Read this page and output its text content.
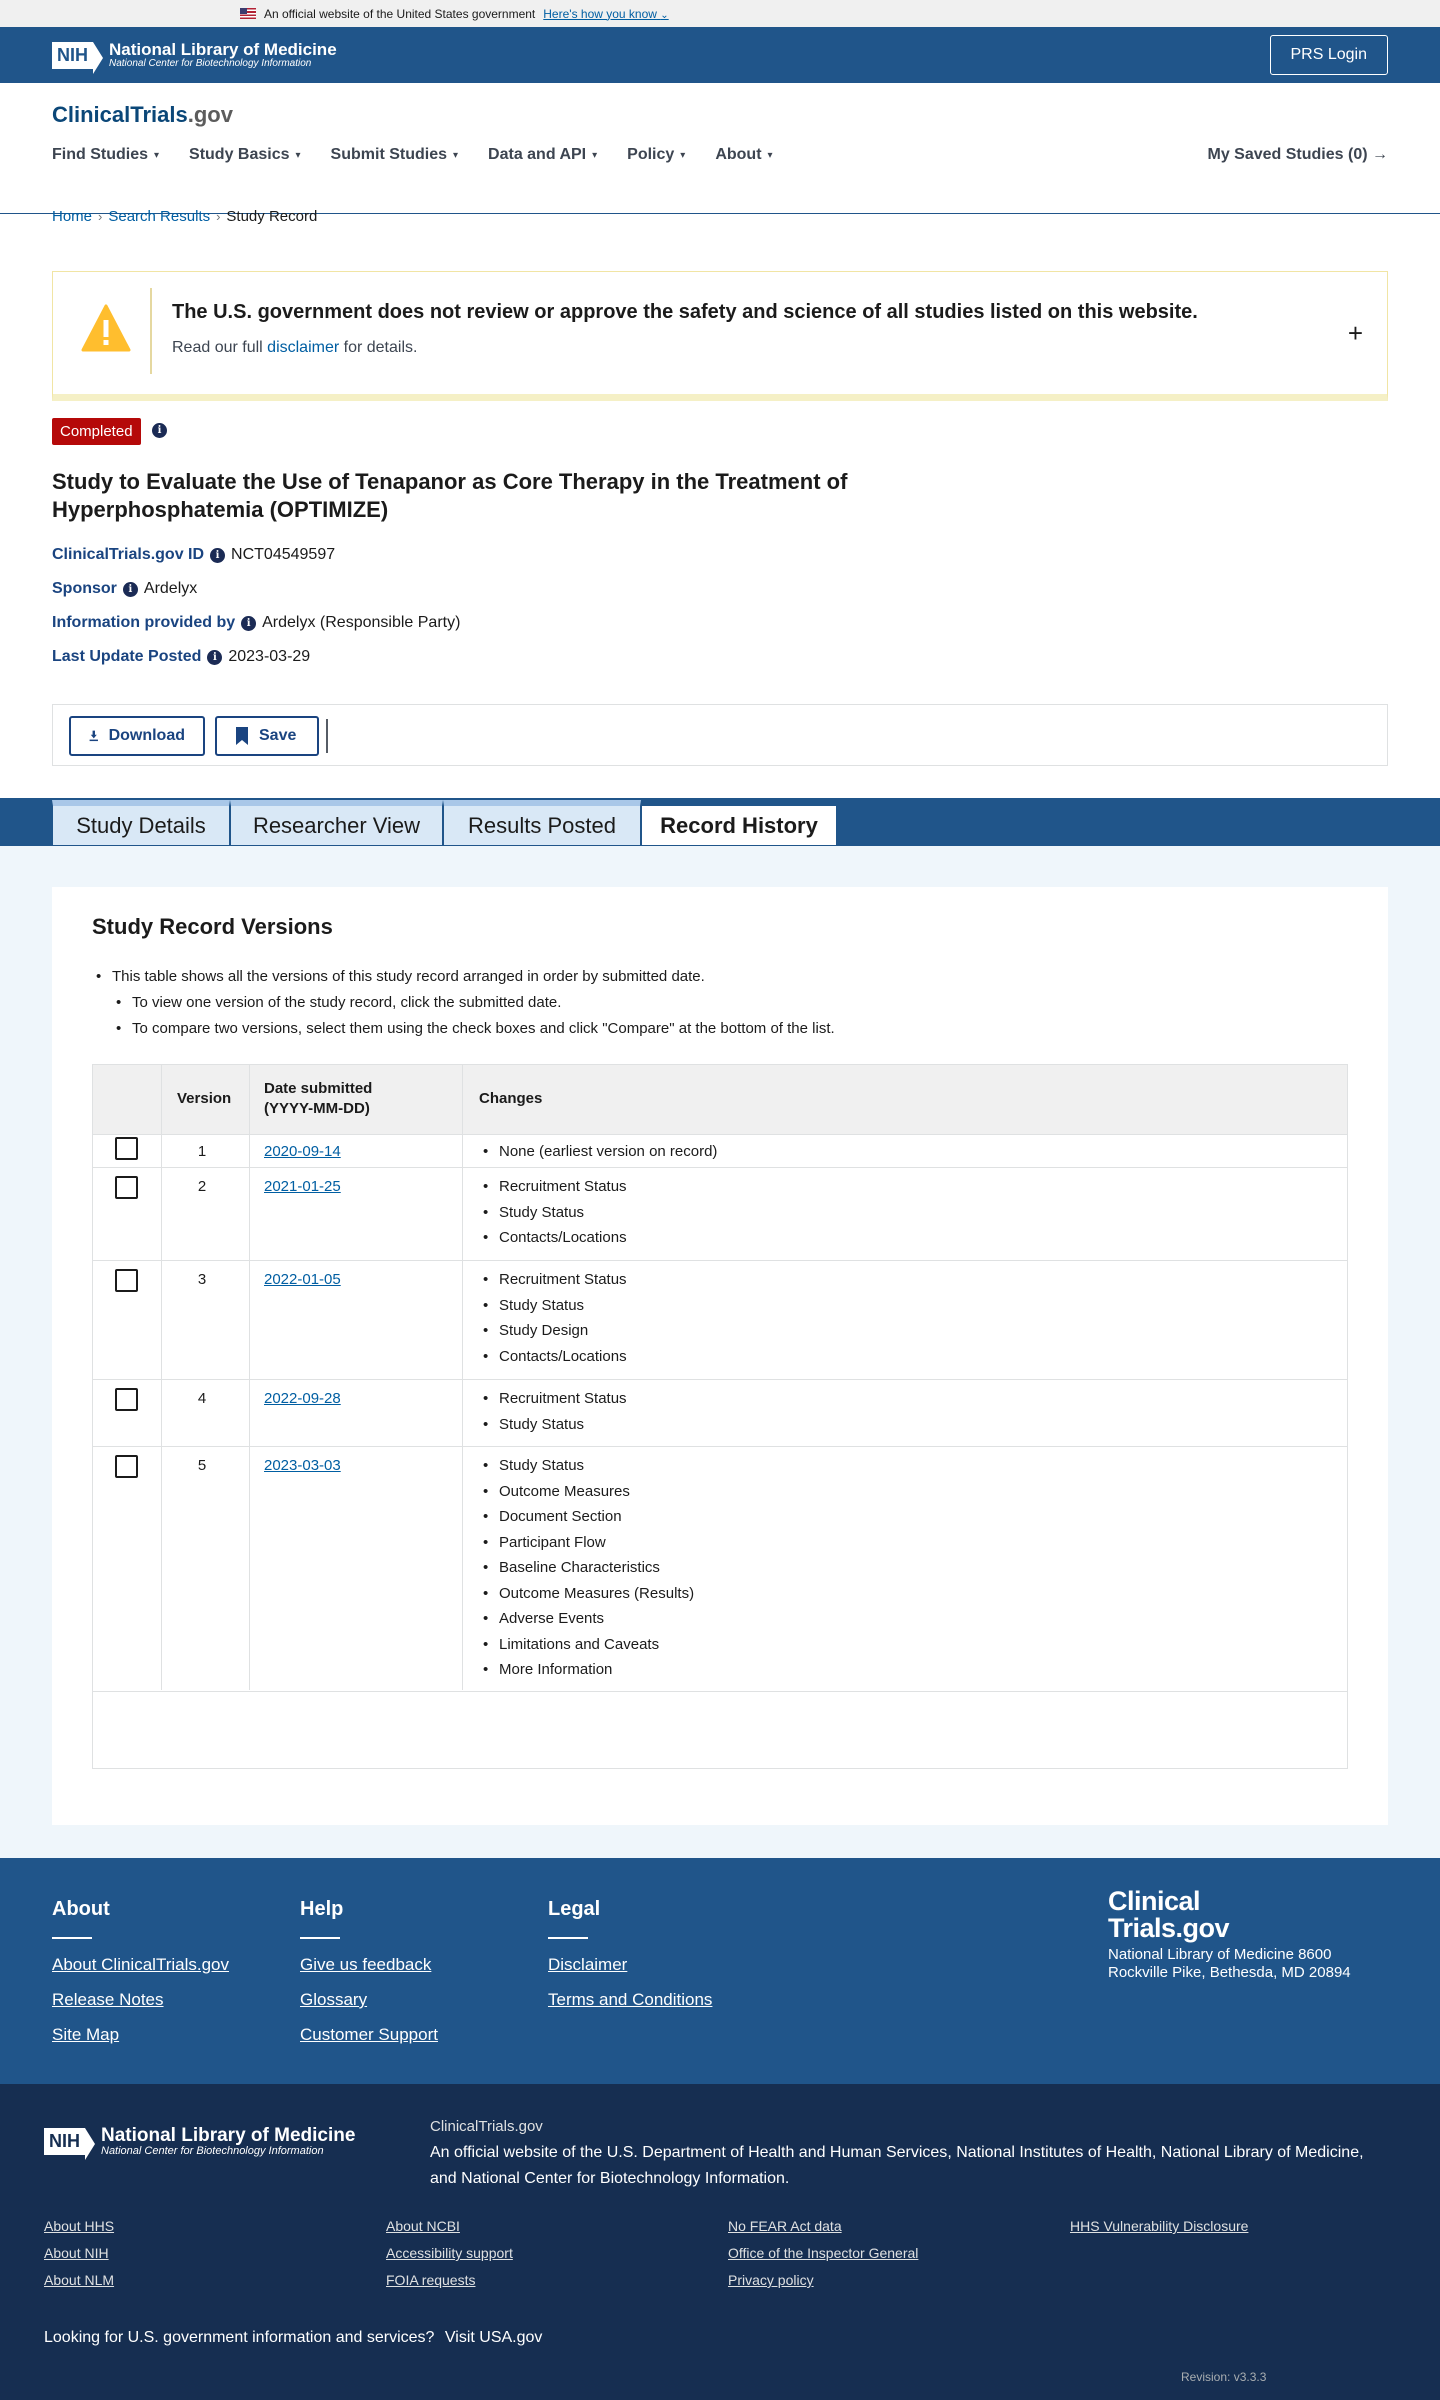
An official website of the United States government Here's how you know ⌄
NIH National Library of Medicine
National Center for Biotechnology Information
PRS Login
ClinicalTrials.gov
Find Studies ▾ Study Basics ▾ Submit Studies ▾ Data and API ▾ Policy ▾ About ▾	My Saved Studies (0) →
Home › Search Results › Study Record
The U.S. government does not review or approve the safety and science of all studies listed on this website.
Read our full disclaimer for details.	+
Completed	i
Study to Evaluate the Use of Tenapanor as Core Therapy in the Treatment of Hyperphosphatemia (OPTIMIZE)
ClinicalTrials.gov ID	i NCT04549597
Sponsor	i Ardelyx
Information provided by	i Ardelyx (Responsible Party)
Last Update Posted	i 2023-03-29
Download	Save
Study Details	Researcher View	Results Posted	Record History
Study Record Versions
• This table shows all the versions of this study record arranged in order by submitted date.
• To view one version of the study record, click the submitted date.
• To compare two versions, select them using the check boxes and click "Compare" at the bottom of the list.
Version
Date submitted
(YYYY-MM-DD)
Changes
1	2020-09-14	• None (earliest version on record)
2	2021-01-25	• Recruitment Status
• Study Status
• Contacts/Locations
3	2022-01-05	• Recruitment Status
• Study Status
• Study Design
• Contacts/Locations
4	2022-09-28	• Recruitment Status
• Study Status
5	2023-03-03	• Study Status
• Outcome Measures
• Document Section
• Participant Flow
• Baseline Characteristics
• Outcome Measures (Results)
• Adverse Events
• Limitations and Caveats
• More Information
About
About ClinicalTrials.gov
Release Notes
Site Map
Help
Give us feedback
Glossary
Customer Support
Legal
Disclaimer
Terms and Conditions
Clinical
Trials.gov
National Library of Medicine 8600 Rockville Pike, Bethesda, MD 20894
NIH National Library of Medicine
National Center for Biotechnology Information
ClinicalTrials.gov
An official website of the U.S. Department of Health and Human Services, National Institutes of Health, National Library of Medicine, and National Center for Biotechnology Information.
About HHS
About NIH
About NLM
About NCBI
Accessibility support
FOIA requests
No FEAR Act data
Office of the Inspector General
Privacy policy
HHS Vulnerability Disclosure
Looking for U.S. government information and services? Visit USA.gov
Revision: v3.3.3
